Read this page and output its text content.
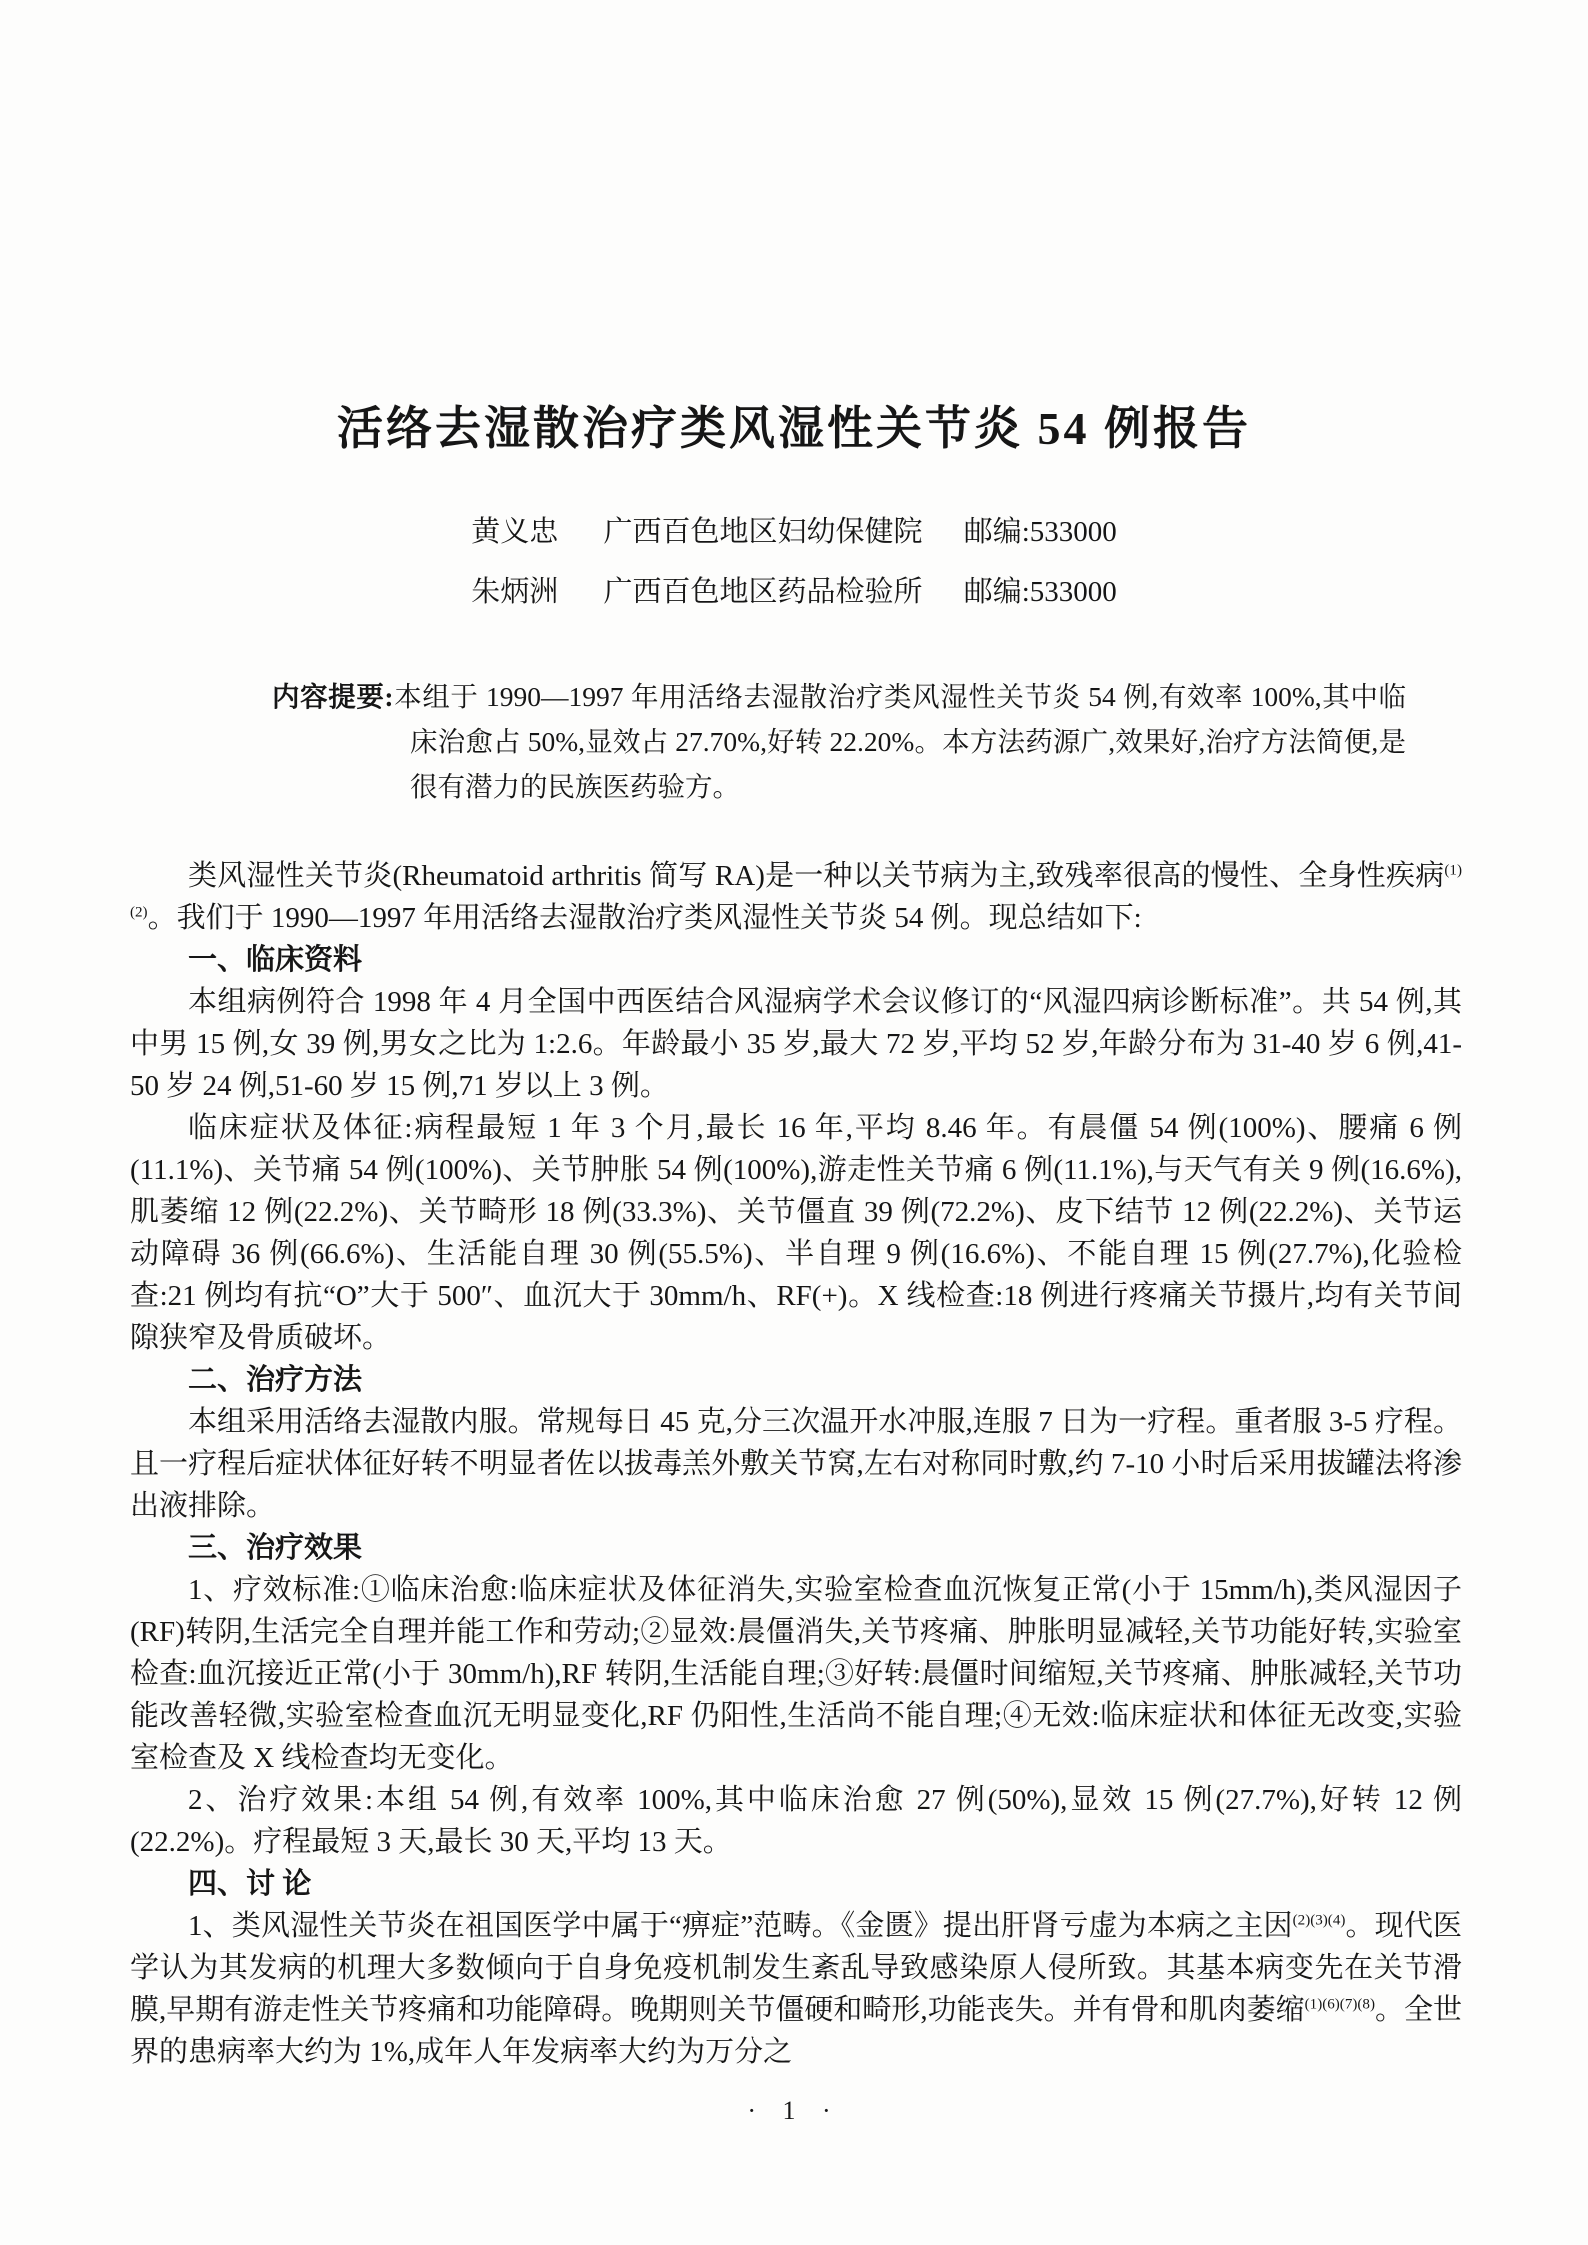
活络去湿散治疗类风湿性关节炎 54 例报告
黄义忠 广西百色地区妇幼保健院 邮编:533000
朱炳洲 广西百色地区药品检验所 邮编:533000
内容提要:本组于 1990—1997 年用活络去湿散治疗类风湿性关节炎 54 例,有效率 100%,其中临床治愈占 50%,显效占 27.70%,好转 22.20%。本方法药源广,效果好,治疗方法简便,是很有潜力的民族医药验方。

类风湿性关节炎(Rheumatoid arthritis 简写 RA)是一种以关节病为主,致残率很高的慢性、全身性疾病$^{(1)(2)}$。我们于 1990—1997 年用活络去湿散治疗类风湿性关节炎 54 例。现总结如下:

一、临床资料

本组病例符合 1998 年 4 月全国中西医结合风湿病学术会议修订的“风湿四病诊断标准”。共 54 例,其中男 15 例,女 39 例,男女之比为 1:2.6。年龄最小 35 岁,最大 72 岁,平均 52 岁,年龄分布为 31-40 岁 6 例,41-50 岁 24 例,51-60 岁 15 例,71 岁以上 3 例。

临床症状及体征:病程最短 1 年 3 个月,最长 16 年,平均 8.46 年。有晨僵 54 例(100%)、腰痛 6 例(11.1%)、关节痛 54 例(100%)、关节肿胀 54 例(100%),游走性关节痛 6 例(11.1%),与天气有关 9 例(16.6%),肌萎缩 12 例(22.2%)、关节畸形 18 例(33.3%)、关节僵直 39 例(72.2%)、皮下结节 12 例(22.2%)、关节运动障碍 36 例(66.6%)、生活能自理 30 例(55.5%)、半自理 9 例(16.6%)、不能自理 15 例(27.7%),化验检查:21 例均有抗“O”大于 500″、血沉大于 30mm/h、RF(+)。X 线检查:18 例进行疼痛关节摄片,均有关节间隙狭窄及骨质破坏。

二、治疗方法

本组采用活络去湿散内服。常规每日 45 克,分三次温开水冲服,连服 7 日为一疗程。重者服 3-5 疗程。且一疗程后症状体征好转不明显者佐以拔毒羔外敷关节窝,左右对称同时敷,约 7-10 小时后采用拔罐法将渗出液排除。

三、治疗效果

1、疗效标准:①临床治愈:临床症状及体征消失,实验室检查血沉恢复正常(小于 15mm/h),类风湿因子(RF)转阴,生活完全自理并能工作和劳动;②显效:晨僵消失,关节疼痛、肿胀明显减轻,关节功能好转,实验室检查:血沉接近正常(小于 30mm/h),RF 转阴,生活能自理;③好转:晨僵时间缩短,关节疼痛、肿胀减轻,关节功能改善轻微,实验室检查血沉无明显变化,RF 仍阳性,生活尚不能自理;④无效:临床症状和体征无改变,实验室检查及 X 线检查均无变化。

2、治疗效果:本组 54 例,有效率 100%,其中临床治愈 27 例(50%),显效 15 例(27.7%),好转 12 例(22.2%)。疗程最短 3 天,最长 30 天,平均 13 天。

四、讨 论

1、类风湿性关节炎在祖国医学中属于“痹症”范畴。《金匮》提出肝肾亏虚为本病之主因$^{(2)(3)(4)}$。现代医学认为其发病的机理大多数倾向于自身免疫机制发生紊乱导致感染原人侵所致。其基本病变先在关节滑膜,早期有游走性关节疼痛和功能障碍。晚期则关节僵硬和畸形,功能丧失。并有骨和肌肉萎缩$^{(1)(6)(7)(8)}$。全世界的患病率大约为 1%,成年人年发病率大约为万分之

· 1 ·
